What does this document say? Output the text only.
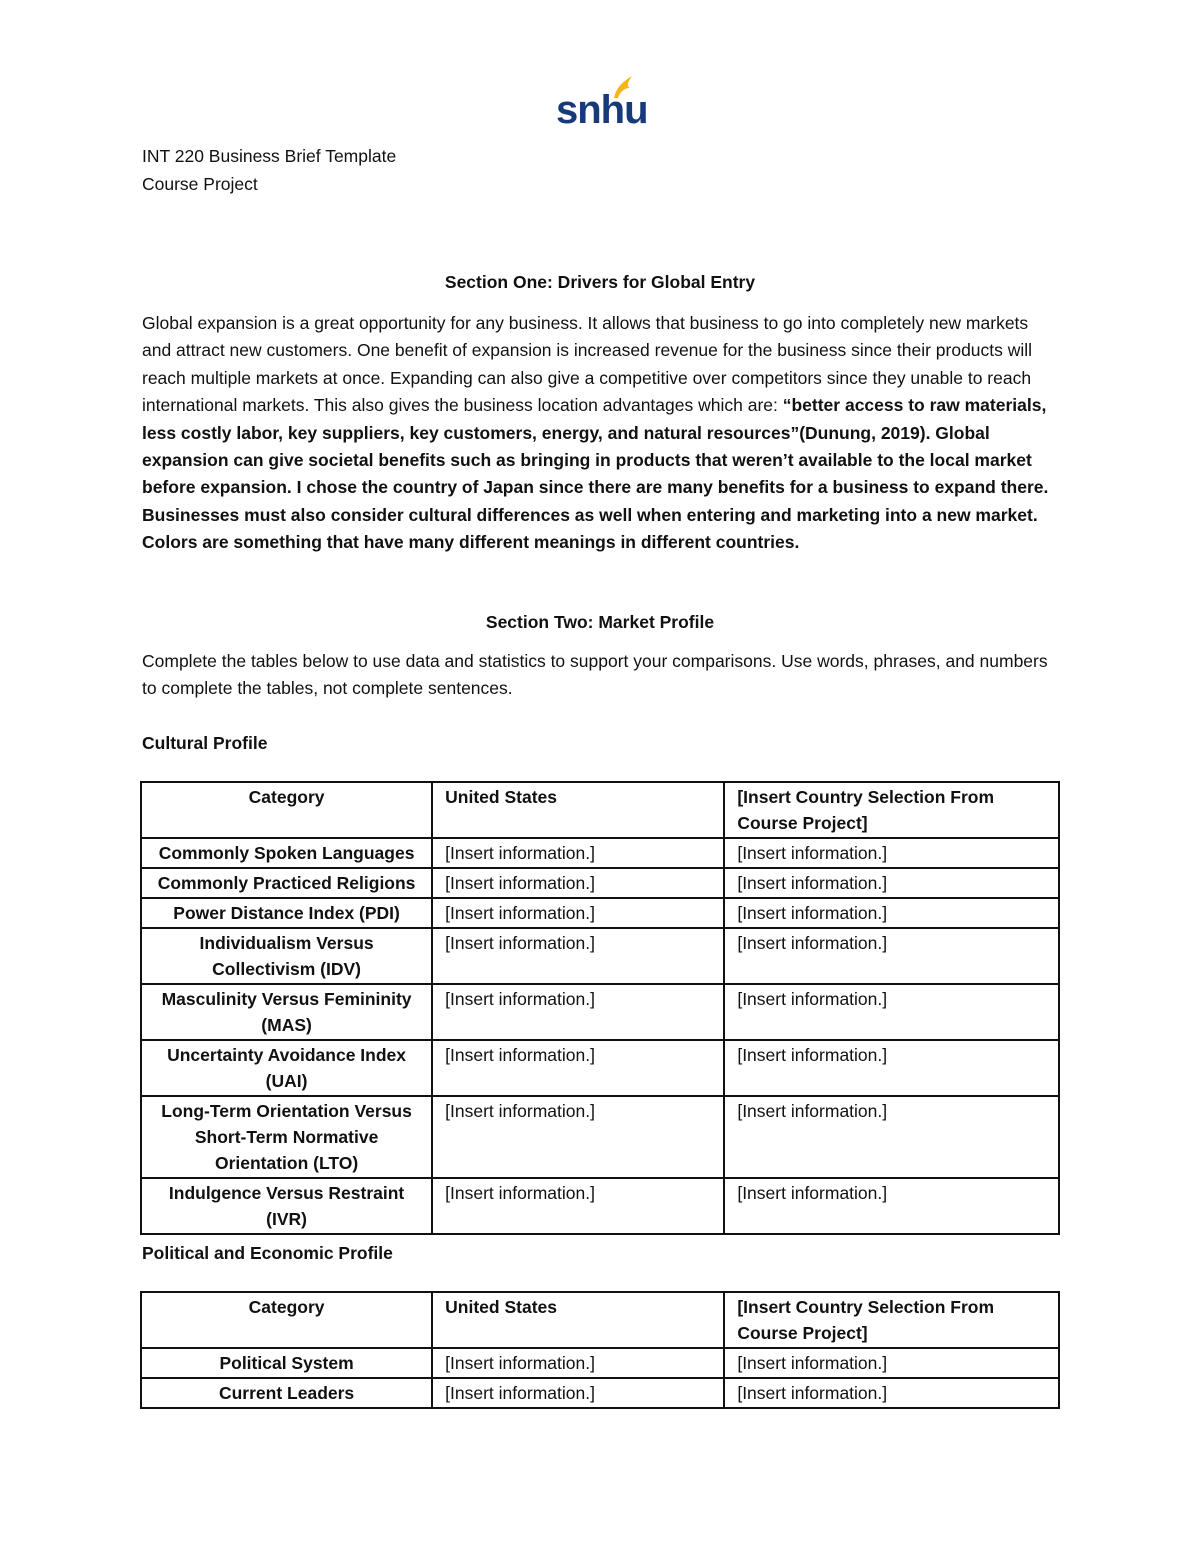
snhu
INT 220 Business Brief Template
Course Project
Section One: Drivers for Global Entry

Global expansion is a great opportunity for any business. It allows that business to go into completely new markets and attract new customers. One benefit of expansion is increased revenue for the business since their products will reach multiple markets at once. Expanding can also give a competitive over competitors since they unable to reach international markets. This also gives the business location advantages which are: “better access to raw materials, less costly labor, key suppliers, key customers, energy, and natural resources”(Dunung, 2019). Global expansion can give societal benefits such as bringing in products that weren’t available to the local market before expansion. I chose the country of Japan since there are many benefits for a business to expand there. Businesses must also consider cultural differences as well when entering and marketing into a new market. Colors are something that have many different meanings in different countries.

Section Two: Market Profile

Complete the tables below to use data and statistics to support your comparisons. Use words, phrases, and numbers to complete the tables, not complete sentences.

Cultural Profile
Category	United States	[Insert Country Selection From Course Project]
Commonly Spoken Languages	[Insert information.]	[Insert information.]
Commonly Practiced Religions	[Insert information.]	[Insert information.]
Power Distance Index (PDI)	[Insert information.]	[Insert information.]
Individualism Versus Collectivism (IDV)	[Insert information.]	[Insert information.]
Masculinity Versus Femininity (MAS)	[Insert information.]	[Insert information.]
Uncertainty Avoidance Index (UAI)	[Insert information.]	[Insert information.]
Long-Term Orientation Versus Short-Term Normative Orientation (LTO)	[Insert information.]	[Insert information.]
Indulgence Versus Restraint (IVR)	[Insert information.]	[Insert information.]
Political and Economic Profile
Category	United States	[Insert Country Selection From Course Project]
Political System	[Insert information.]	[Insert information.]
Current Leaders	[Insert information.]	[Insert information.]
